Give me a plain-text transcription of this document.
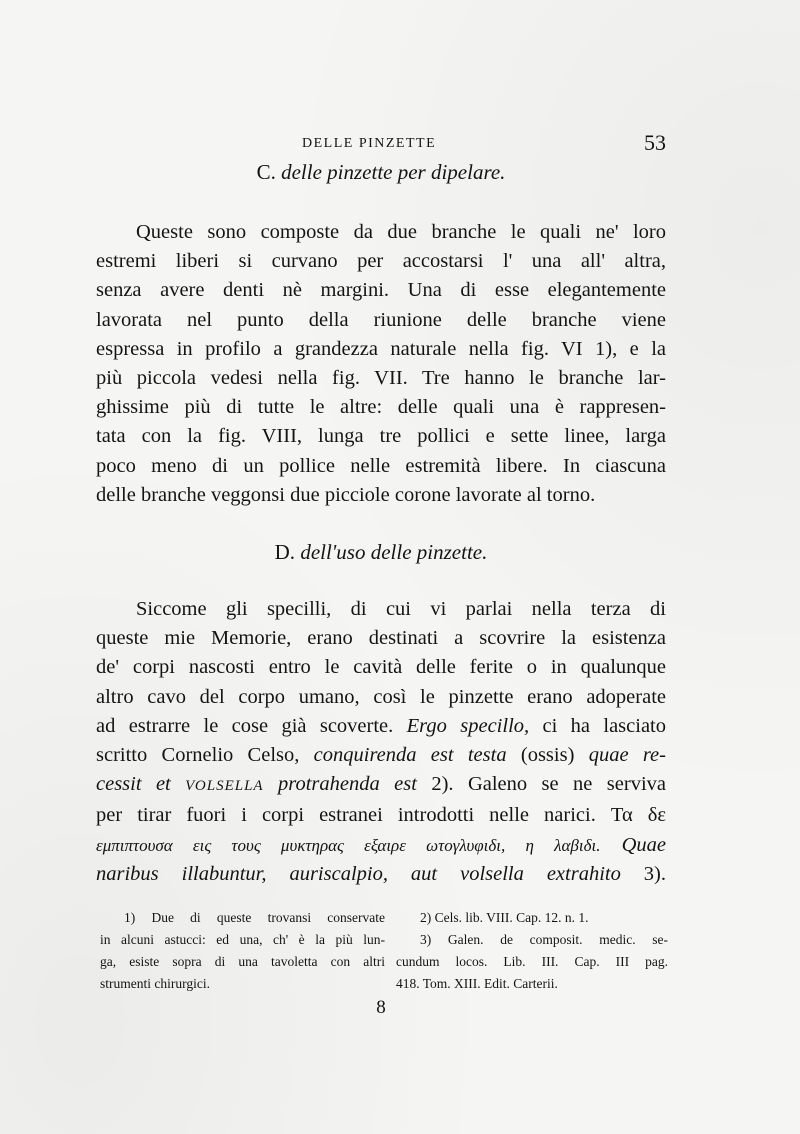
DELLE PINZETTE	53
C. delle pinzette per dipelare.
Queste sono composte da due branche le quali ne' loro
estremi liberi si curvano per accostarsi l' una all' altra,
senza avere denti nè margini. Una di esse elegantemente
lavorata nel punto della riunione delle branche viene
espressa in profilo a grandezza naturale nella fig. VI 1), e la
più piccola vedesi nella fig. VII. Tre hanno le branche lar-
ghissime più di tutte le altre: delle quali una è rappresen-
tata con la fig. VIII, lunga tre pollici e sette linee, larga
poco meno di un pollice nelle estremità libere. In ciascuna
delle branche veggonsi due picciole corone lavorate al torno.
D. dell'uso delle pinzette.
Siccome gli specilli, di cui vi parlai nella terza di
queste mie Memorie, erano destinati a scovrire la esistenza
de' corpi nascosti entro le cavità delle ferite o in qualunque
altro cavo del corpo umano, così le pinzette erano adoperate
ad estrarre le cose già scoverte. Ergo specillo, ci ha lasciato
scritto Cornelio Celso, conquirenda est testa (ossis) quae re-
cessit et VOLSELLA protrahenda est 2). Galeno se ne serviva
per tirar fuori i corpi estranei introdotti nelle narici. Τα δε
εμπιπτουσα εις τους μυκτηρας εξαιρε ωτογλυφιδι, η λαβιδι. Quae
naribus illabuntur, auriscalpio, aut volsella extrahito 3).
1) Due di queste trovansi conservate
in alcuni astucci: ed una, ch' è la più lun-
ga, esiste sopra di una tavoletta con altri
strumenti chirurgici.
2) Cels. lib. VIII. Cap. 12. n. 1.
3) Galen. de composit. medic. se-
cundum locos. Lib. III. Cap. III pag.
418. Tom. XIII. Edit. Carterii.
8
